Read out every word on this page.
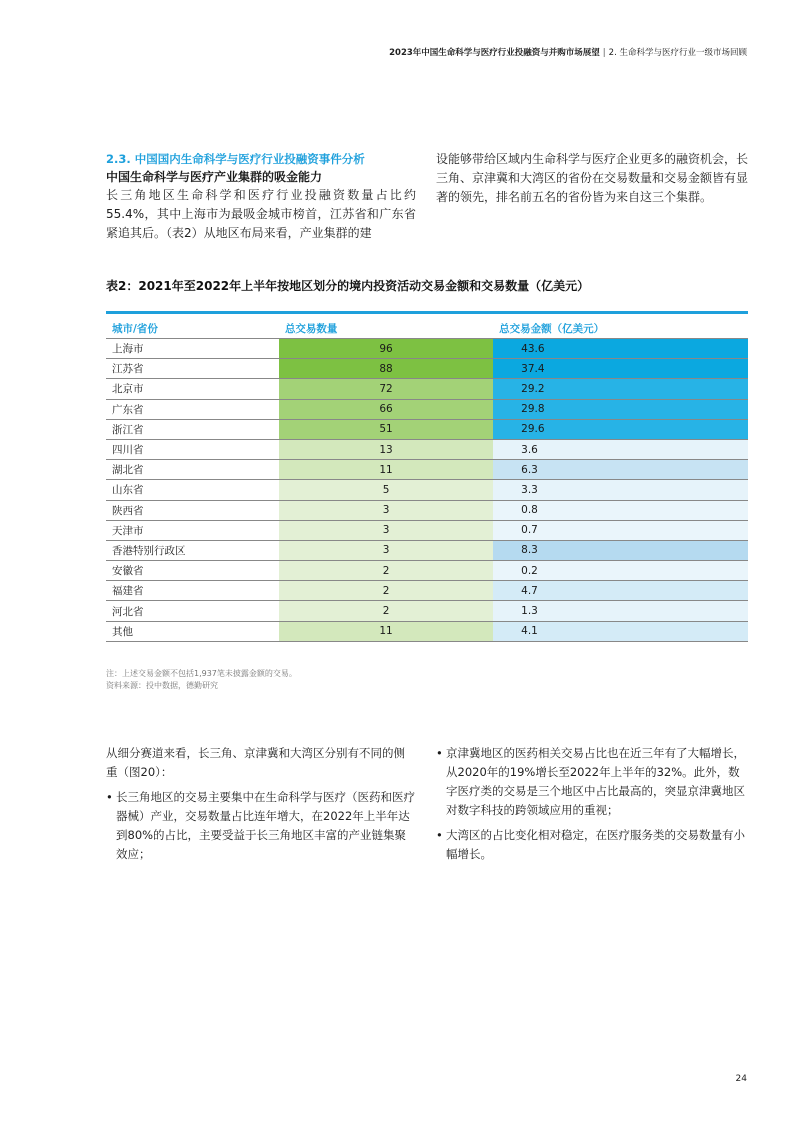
2023年中国生命科学与医疗行业投融资与并购市场展望 | 2. 生命科学与医疗行业一级市场回顾
2.3. 中国国内生命科学与医疗行业投融资事件分析
中国生命科学与医疗产业集群的吸金能力
长三角地区生命科学和医疗行业投融资数量占比约55.4%，其中上海市为最吸金城市榜首，江苏省和广东省紧追其后。（表2）从地区布局来看，产业集群的建
设能够带给区域内生命科学与医疗企业更多的融资机会，长三角、京津冀和大湾区的省份在交易数量和交易金额皆有显著的领先，排名前五名的省份皆为来自这三个集群。
表2：2021年至2022年上半年按地区划分的境内投资活动交易金额和交易数量（亿美元）
城市/省份	总交易数量	总交易金额（亿美元）
上海市	96	43.6
江苏省	88	37.4
北京市	72	29.2
广东省	66	29.8
浙江省	51	29.6
四川省	13	3.6
湖北省	11	6.3
山东省	5	3.3
陕西省	3	0.8
天津市	3	0.7
香港特别行政区	3	8.3
安徽省	2	0.2
福建省	2	4.7
河北省	2	1.3
其他	11	4.1
注：上述交易金额不包括1,937笔未披露金额的交易。
资料来源：投中数据，德勤研究
从细分赛道来看，长三角、京津冀和大湾区分别有不同的侧重（图20）：
• 长三角地区的交易主要集中在生命科学与医疗（医药和医疗器械）产业，交易数量占比连年增大，在2022年上半年达到80%的占比，主要受益于长三角地区丰富的产业链集聚效应；
• 京津冀地区的医药相关交易占比也在近三年有了大幅增长，从2020年的19%增长至2022年上半年的32%。此外，数字医疗类的交易是三个地区中占比最高的，突显京津冀地区对数字科技的跨领域应用的重视；
• 大湾区的占比变化相对稳定，在医疗服务类的交易数量有小幅增长。
24
